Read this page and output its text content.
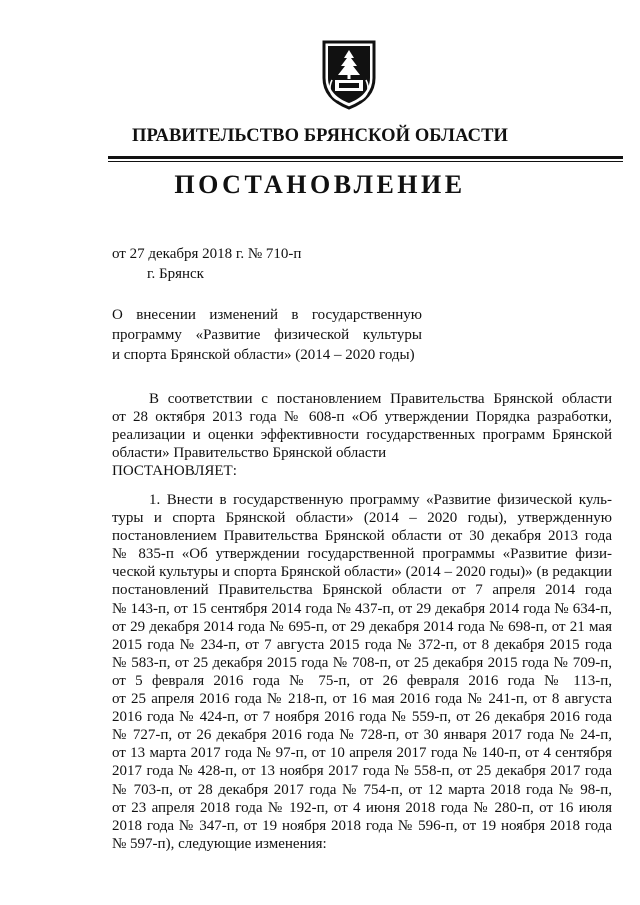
ПРАВИТЕЛЬСТВО БРЯНСКОЙ ОБЛАСТИ
ПОСТАНОВЛЕНИЕ
от 27 декабря 2018 г. № 710-п
г. Брянск
О внесении изменений в государственную
программу «Развитие физической культуры
и спорта Брянской области» (2014 – 2020 годы)
В соответствии с постановлением Правительства Брянской области
от 28 октября 2013 года № 608-п «Об утверждении Порядка разработки,
реализации и оценки эффективности государственных программ Брянской
области» Правительство Брянской области
ПОСТАНОВЛЯЕТ:
1. Внести в государственную программу «Развитие физической куль-
туры и спорта Брянской области» (2014 – 2020 годы), утвержденную
постановлением Правительства Брянской области от 30 декабря 2013 года
№ 835-п «Об утверждении государственной программы «Развитие физи-
ческой культуры и спорта Брянской области» (2014 – 2020 годы)» (в редакции
постановлений Правительства Брянской области от 7 апреля 2014 года
№ 143-п, от 15 сентября 2014 года № 437-п, от 29 декабря 2014 года № 634-п,
от 29 декабря 2014 года № 695-п, от 29 декабря 2014 года № 698-п, от 21 мая
2015 года № 234-п, от 7 августа 2015 года № 372-п, от 8 декабря 2015 года
№ 583-п, от 25 декабря 2015 года № 708-п, от 25 декабря 2015 года № 709-п,
от 5 февраля 2016 года № 75-п, от 26 февраля 2016 года № 113-п,
от 25 апреля 2016 года № 218-п, от 16 мая 2016 года № 241-п, от 8 августа
2016 года № 424-п, от 7 ноября 2016 года № 559-п, от 26 декабря 2016 года
№ 727-п, от 26 декабря 2016 года № 728-п, от 30 января 2017 года № 24-п,
от 13 марта 2017 года № 97-п, от 10 апреля 2017 года № 140-п, от 4 сентября
2017 года № 428-п, от 13 ноября 2017 года № 558-п, от 25 декабря 2017 года
№ 703-п, от 28 декабря 2017 года № 754-п, от 12 марта 2018 года № 98-п,
от 23 апреля 2018 года № 192-п, от 4 июня 2018 года № 280-п, от 16 июля
2018 года № 347-п, от 19 ноября 2018 года № 596-п, от 19 ноября 2018 года
№ 597-п), следующие изменения:
